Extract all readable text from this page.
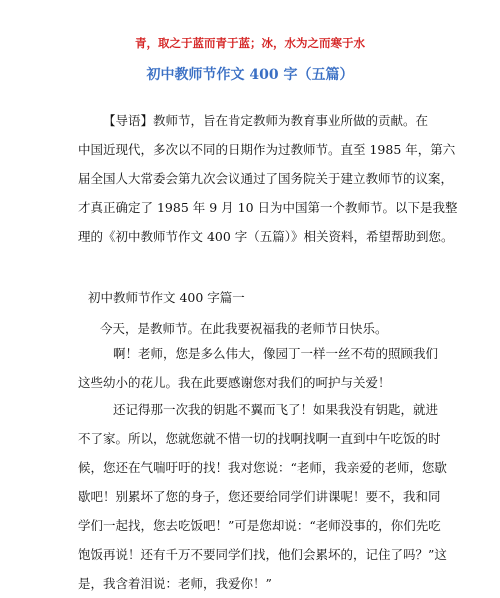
青，取之于蓝而青于蓝；冰，水为之而寒于水
初中教师节作文 400 字（五篇）
【导语】教师节，旨在肯定教师为教育事业所做的贡献。在
中国近现代，多次以不同的日期作为过教师节。直至 1985 年，第六
届全国人大常委会第九次会议通过了国务院关于建立教师节的议案，
才真正确定了 1985 年 9 月 10 日为中国第一个教师节。以下是我整
理的《初中教师节作文 400 字（五篇）》相关资料，希望帮助到您。
初中教师节作文 400 字篇一
今天，是教师节。在此我要祝福我的老师节日快乐。
啊！老师，您是多么伟大，像园丁一样一丝不苟的照顾我们
这些幼小的花儿。我在此要感谢您对我们的呵护与关爱！
还记得那一次我的钥匙不翼而飞了！如果我没有钥匙，就进
不了家。所以，您就您就不惜一切的找啊找啊一直到中午吃饭的时
候，您还在气喘吁吁的找！我对您说：“老师，我亲爱的老师，您歇
歇吧！别累坏了您的身子，您还要给同学们讲课呢！要不，我和同
学们一起找，您去吃饭吧！”可是您却说：“老师没事的，你们先吃
饱饭再说！还有千万不要同学们找，他们会累坏的，记住了吗？”这
是，我含着泪说：老师，我爱你！”
